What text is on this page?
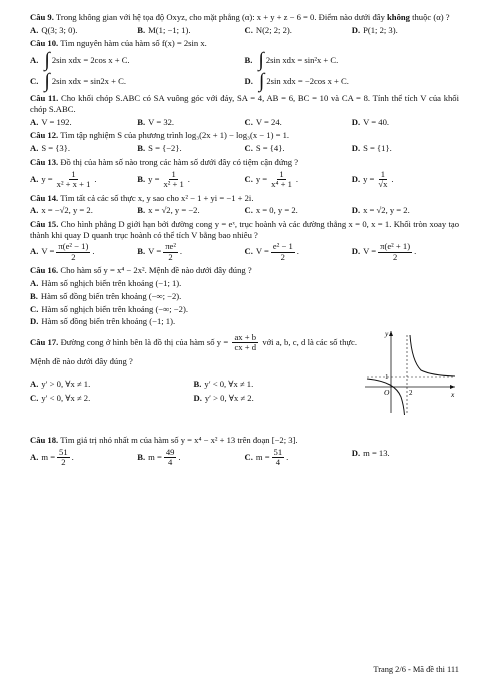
Câu 9. Trong không gian với hệ tọa độ Oxyz, cho mặt phẳng (α): x + y + z − 6 = 0. Điểm nào dưới đây không thuộc (α) ?
A. Q(3; 3; 0).	B. M(1; −1; 1).	C. N(2; 2; 2).	D. P(1; 2; 3).
Câu 10. Tìm nguyên hàm của hàm số f(x) = 2sin x.
A. ∫ 2sin xdx = 2cos x + C.	B. ∫ 2sin xdx = sin²x + C.
C. ∫ 2sin xdx = sin2x + C.	D. ∫ 2sin xdx = −2cos x + C.
Câu 11. Cho khối chóp S.ABC có SA vuông góc với đáy, SA = 4, AB = 6, BC = 10 và CA = 8. Tính thể tích V của khối chóp S.ABC.
A. V = 192.	B. V = 32.	C. V = 24.	D. V = 40.
Câu 12. Tìm tập nghiệm S của phương trình log₃(2x + 1) − log₃(x − 1) = 1.
A. S = {3}.	B. S = {−2}.	C. S = {4}.	D. S = {1}.
Câu 13. Đồ thị của hàm số nào trong các hàm số dưới đây có tiệm cận đứng ?
A. $y = \frac{1}{\text{x² + x + 1}}$ .	B. $y = \frac{1}{\text{x² + 1}}$ .	C. $y = \frac{1}{\text{x⁴ + 1}}$ .	D. $y = \frac{1}{√x}$ .
Câu 14. Tìm tất cả các số thực x, y sao cho x² − 1 + yi = −1 + 2i.
A. x = −√2, y = 2.	B. x = √2, y = −2.	C. x = 0, y = 2.	D. x = √2, y = 2.
Câu 15. Cho hình phẳng D giới hạn bởi đường cong y = eˣ, trục hoành và các đường thẳng x = 0, x = 1. Khối tròn xoay tạo thành khi quay D quanh trục hoành có thể tích V bằng bao nhiêu ?
A. $V = \frac{\text{π(e² − 1)}}{2}$ .	B. $V = \frac{\text{πe²}}{2}$ .	C. $V = \frac{\text{e² − 1}}{2}$ .	D. $V = \frac{\text{π(e² + 1)}}{2}$ .
Câu 16. Cho hàm số y = x⁴ − 2x². Mệnh đề nào dưới đây đúng ?
A. Hàm số nghịch biến trên khoảng (−1; 1).
B. Hàm số đồng biến trên khoảng (−∞; −2).
C. Hàm số nghịch biến trên khoảng (−∞; −2).
D. Hàm số đồng biến trên khoảng (−1; 1).
Câu 17. Đường cong ở hình bên là đồ thị của hàm số $y = \frac{ax + b}{cx + d}$ với a, b, c, d là các số thực. Mệnh đề nào dưới đây đúng ?
A. y′ > 0, ∀x ≠ 1.	B. y′ < 0, ∀x ≠ 1.
C. y′ < 0, ∀x ≠ 2.	D. y′ > 0, ∀x ≠ 2.
y
x
O	2
1
Câu 18. Tìm giá trị nhỏ nhất m của hàm số y = x⁴ − x² + 13 trên đoạn [−2; 3].
A. $m = \frac{51}{2}$ .	B. $m = \frac{49}{4}$ .	C. $m = \frac{51}{4}$ .	D. m = 13.
Trang 2/6 - Mã đề thi 111
